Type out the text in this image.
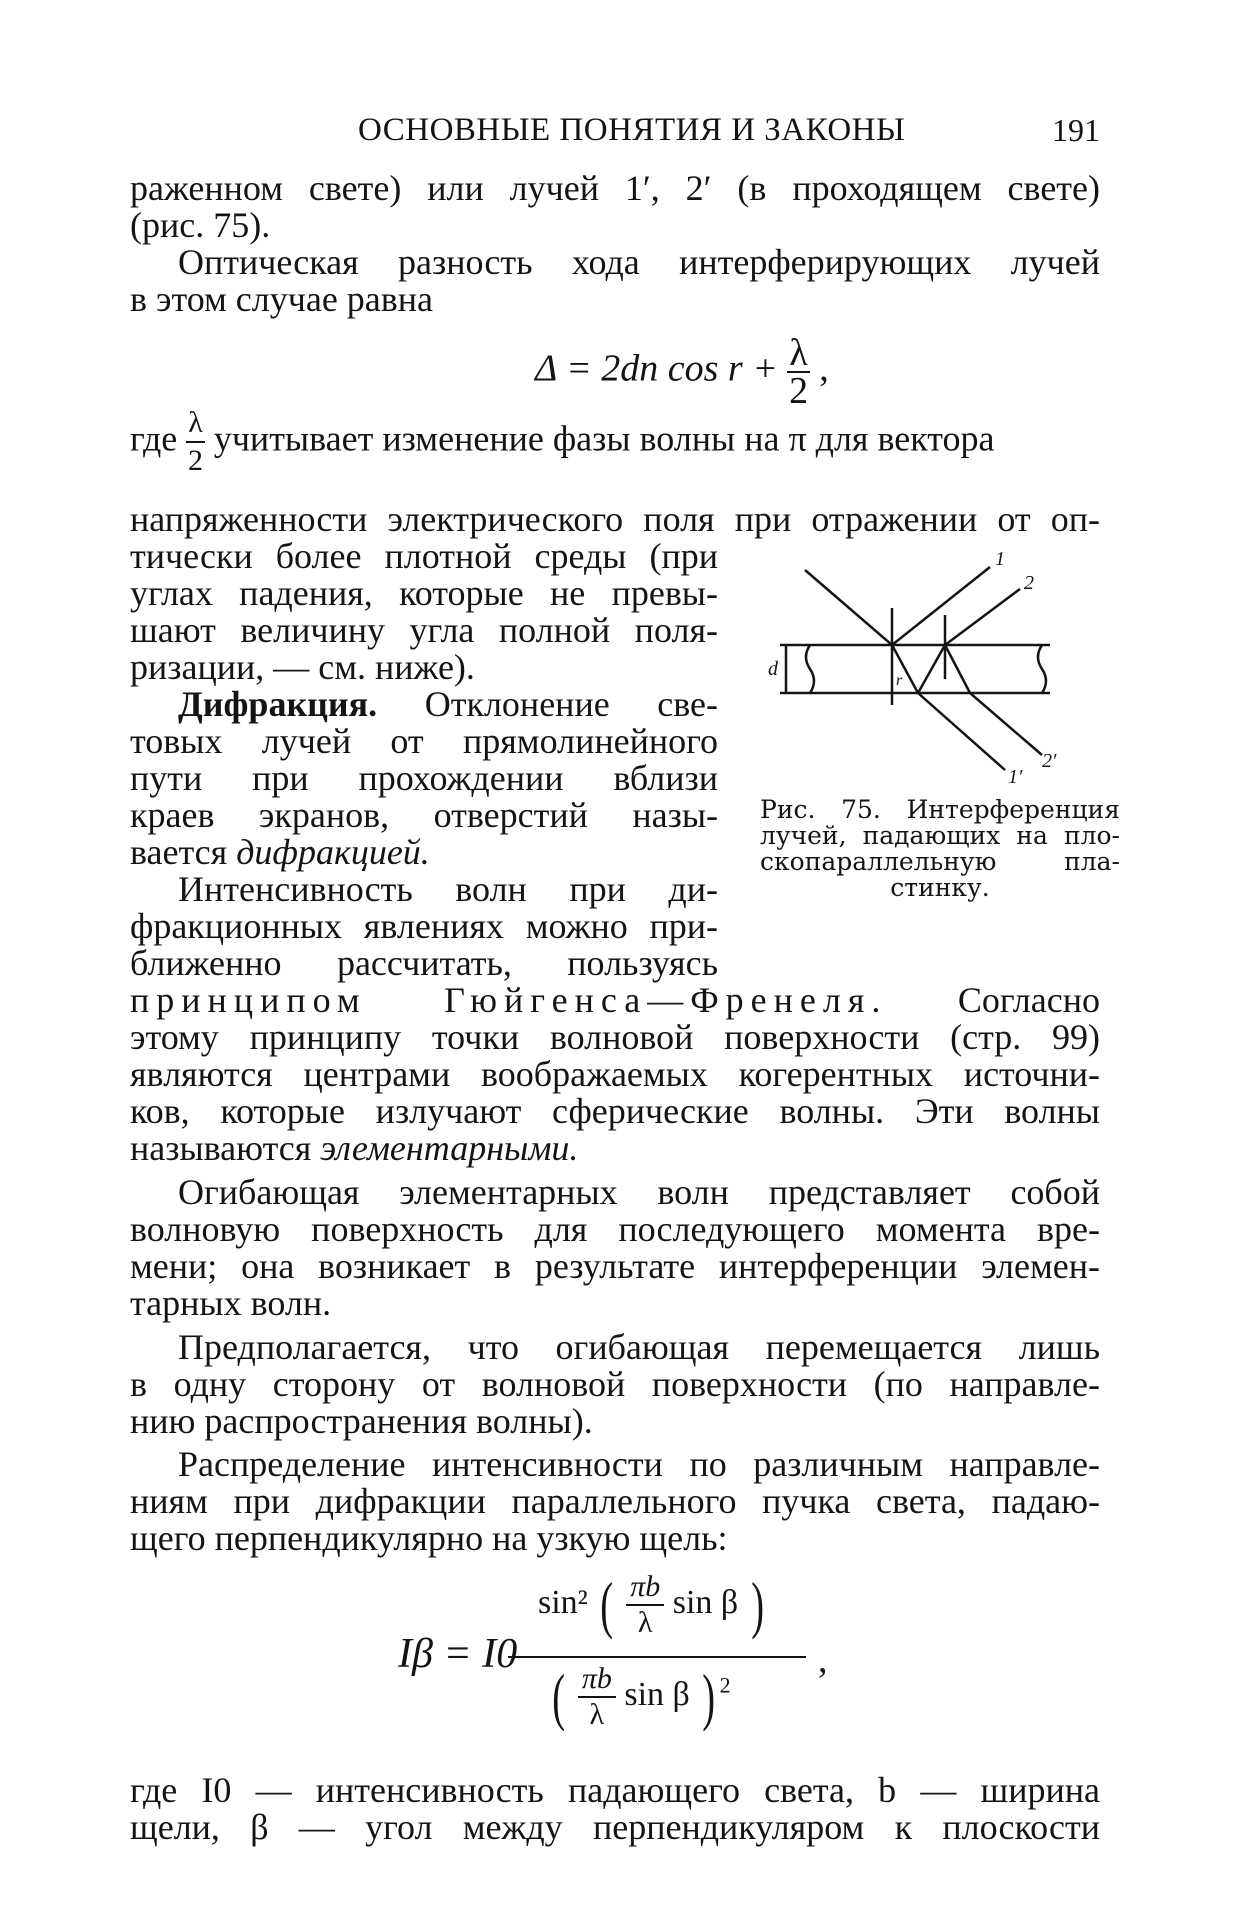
ОСНОВНЫЕ ПОНЯТИЯ И ЗАКОНЫ	191
раженном свете) или лучей 1′, 2′ (в проходящем свете)
(рис. 75).
Оптическая разность хода интерферирующих лучей
в этом случае равна
Δ = 2dn $\cos r + \frac{\lambda}{2}$ ,
где $\frac{\lambda}{2}$ учитывает изменение фазы волны на π для вектора
напряженности электрического поля при отражении от оп-
тически более плотной среды (при
углах падения, которые не превы-
шают величину угла полной поля-
ризации, — см. ниже).
Дифракция. Отклонение све-
товых лучей от прямолинейного
пути при прохождении вблизи
краев экранов, отверстий назы-
вается дифракцией.
Интенсивность волн при ди-
фракционных явлениях можно при-
ближенно рассчитать, пользуясь
принципом Гюйгенса—Френеля. Согласно
этому принципу точки волновой поверхности (стр. 99)
являются центрами воображаемых когерентных источни-
ков, которые излучают сферические волны. Эти волны
называются элементарными.
Огибающая элементарных волн представляет собой
волновую поверхность для последующего момента вре-
мени; она возникает в результате интерференции элемен-
тарных волн.
Предполагается, что огибающая перемещается лишь
в одну сторону от волновой поверхности (по направле-
нию распространения волны).
Распределение интенсивности по различным направле-
ниям при дифракции параллельного пучка света, падаю-
щего перпендикулярно на узкую щель:
Iβ = I0
sin² ( $\frac{\pi b}{\lambda}$ sin β )
( $\frac{\pi b}{\lambda}$ sin β ) $^2$
,
где I0 — интенсивность падающего света, b — ширина
щели, β — угол между перпендикуляром к плоскости
1
2
1′
2′
d
r
Рис. 75. Интерференция
лучей, падающих на пло-
скопараллельную пла-
стинку.
